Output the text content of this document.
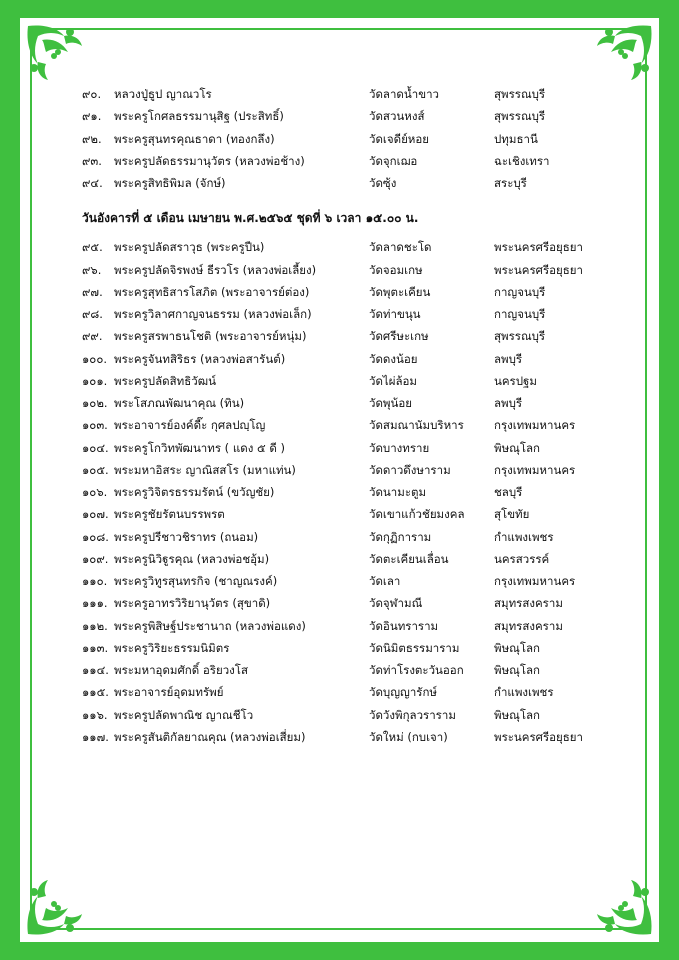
๙๐.	หลวงปู่ธูป ญาณวโร	วัดลาดน้ำขาว	สุพรรณบุรี
๙๑.	พระครูโกศลธรรมานุสิฐ (ประสิทธิ์)	วัดสวนหงส์	สุพรรณบุรี
๙๒.	พระครูสุนทรคุณธาดา (ทองกลึง)	วัดเจดีย์หอย	ปทุมธานี
๙๓.	พระครูปลัดธรรมานุวัตร (หลวงพ่อช้าง)	วัดจุกเฌอ	ฉะเชิงเทรา
๙๔. พระครูสิทธิพิมล (จักษ์)	วัดซุ้ง	สระบุรี
วันอังคารที่ ๕ เดือน เมษายน พ.ศ.๒๕๖๕ ชุดที่ ๖ เวลา ๑๕.๐๐ น.
๙๕. พระครูปลัดสราวุธ (พระครูปืน)	วัดลาดชะโด	พระนครศรีอยุธยา
๙๖.	พระครูปลัดจิรพงษ์ ธีรวโร (หลวงพ่อเลี้ยง)	วัดจอมเกษ	พระนครศรีอยุธยา
๙๗. พระครูสุทธิสารโสภิต (พระอาจารย์ต่อง)	วัดพุตะเคียน	กาญจนบุรี
๙๘. พระครูวิลาศกาญจนธรรม (หลวงพ่อเล็ก)	วัดท่าขนุน	กาญจนบุรี
๙๙. พระครูสรพาธนโชติ (พระอาจารย์หนุ่ม)	วัดศรีษะเกษ	สุพรรณบุรี
๑๐๐. พระครูจันทสิริธร (หลวงพ่อสารันต์)	วัดดงน้อย	ลพบุรี
๑๐๑. พระครูปลัดสิทธิวัฒน์	วัดไผ่ล้อม	นครปฐม
๑๐๒. พระโสภณพัฒนาคุณ (ทิน)	วัดพุน้อย	ลพบุรี
๑๐๓. พระอาจารย์องค์ดี๊ะ กุศลปญฺโญ	วัดสมณานัมบริหาร	กรุงเทพมหานคร
๑๐๔. พระครูโกวิทพัฒนาทร ( แดง ๕ ดี )	วัดบางทราย	พิษณุโลก
๑๐๕. พระมหาอิสระ ญาณิสสโร (มหาแท่น)	วัดดาวดึงษาราม	กรุงเทพมหานคร
๑๐๖. พระครูวิจิตรธรรมรัตน์ (ขวัญชัย)	วัดนามะตูม	ชลบุรี
๑๐๗. พระครูชัยรัตนบรรพรต	วัดเขาแก้วชัยมงคล	สุโขทัย
๑๐๘. พระครูปรีชาวชิราทร (ถนอม)	วัดกุฏิการาม	กำแพงเพชร
๑๐๙. พระครูนิวิฐูรคุณ (หลวงพ่อชอุ้ม)	วัดตะเคียนเลื่อน	นครสวรรค์
๑๑๐. พระครูวิทูรสุนทรกิจ (ชาญณรงค์)	วัดเลา	กรุงเทพมหานคร
๑๑๑. พระครูอาทรวิริยานุวัตร (สุขาดิ)	วัดจุฬามณี	สมุทรสงคราม
๑๑๒. พระครูพิสิษฐ์ประชานาถ (หลวงพ่อแดง)	วัดอินทราราม	สมุทรสงคราม
๑๑๓. พระครูวิริยะธรรมนิมิตร	วัดนิมิตธรรมาราม	พิษณุโลก
๑๑๔. พระมหาอุดมศักดิ์ อริยวงโส	วัดท่าโรงตะวันออก	พิษณุโลก
๑๑๕. พระอาจารย์อุดมทรัพย์	วัดบุญญารักษ์	กำแพงเพชร
๑๑๖. พระครูปลัดพาณิช ญาณชีโว	วัดวังพิกุลวราราม	พิษณุโลก
๑๑๗. พระครูสันติกัลยาณคุณ (หลวงพ่อเสี่ยม)	วัดใหม่ (กบเจา)	พระนครศรีอยุธยา
